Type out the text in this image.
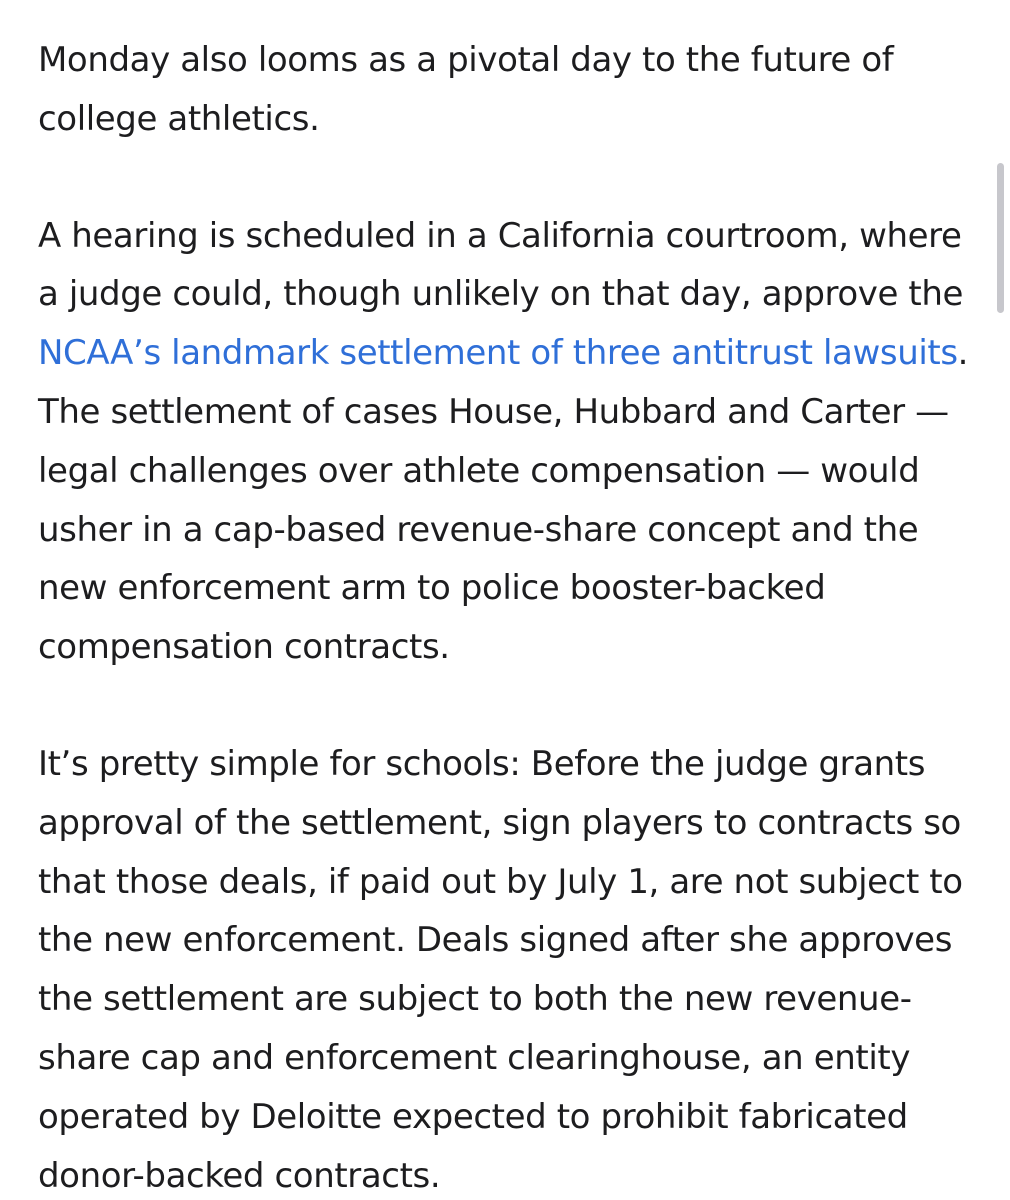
Monday also looms as a pivotal day to the future of college athletics.

A hearing is scheduled in a California courtroom, where a judge could, though unlikely on that day, approve the NCAA’s landmark settlement of three antitrust lawsuits. The settlement of cases House, Hubbard and Carter — legal challenges over athlete compensation — would usher in a cap-based revenue-share concept and the new enforcement arm to police booster-backed compensation contracts.

It’s pretty simple for schools: Before the judge grants approval of the settlement, sign players to contracts so that those deals, if paid out by July 1, are not subject to the new enforcement. Deals signed after she approves the settlement are subject to both the new revenue-share cap and enforcement clearinghouse, an entity operated by Deloitte expected to prohibit fabricated donor-backed contracts.
